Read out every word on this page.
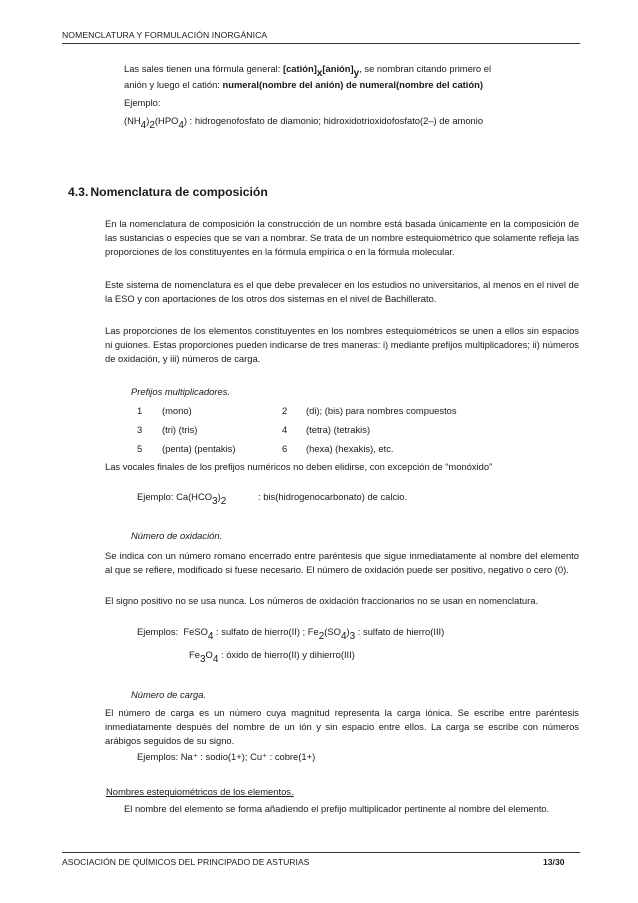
NOMENCLATURA Y FORMULACIÓN INORGÁNICA
Las sales tienen una fórmula general: $[catión]_x[anión]_y$, se nombran citando primero el
anión y luego el catión: numeral(nombre del anión) de numeral(nombre del catión)
Ejemplo:
$(NH_4)_2(HPO_4)$ : hidrogenofosfato de diamonio; hidroxidotrioxidofosfato(2–) de amonio
4.3. Nomenclatura de composición
En la nomenclatura de composición la construcción de un nombre está basada únicamente en la composición de las sustancias o especies que se van a nombrar. Se trata de un nombre estequiométrico que solamente refleja las proporciones de los constituyentes en la fórmula empírica o en la fórmula molecular.
Este sistema de nomenclatura es el que debe prevalecer en los estudios no universitarios, al menos en el nivel de la ESO y con aportaciones de los otros dos sistemas en el nivel de Bachillerato.
Las proporciones de los elementos constituyentes en los nombres estequiométricos se unen a ellos sin espacios ni guiones. Estas proporciones pueden indicarse de tres maneras: i) mediante prefijos multiplicadores; ii) números de oxidación, y iii) números de carga.
Prefijos multiplicadores.
1 (mono)	2 (di); (bis) para nombres compuestos
3 (tri) (tris)	4 (tetra) (tetrakis)
5 (penta) (pentakis)	6 (hexa) (hexakis), etc.
Las vocales finales de los prefijos numéricos no deben elidirse, con excepción de “monóxido”
Ejemplo: $Ca(HCO_3)_2$	: bis(hidrogenocarbonato) de calcio.
Número de oxidación.
Se indica con un número romano encerrado entre paréntesis que sigue inmediatamente al nombre del elemento al que se refiere, modificado si fuese necesario. El número de oxidación puede ser positivo, negativo o cero (0).
El signo positivo no se usa nunca. Los números de oxidación fraccionarios no se usan en nomenclatura.
Ejemplos: FeSO$_4$ : sulfato de hierro(II) ; $Fe_2(SO_4)_3$ : sulfato de hierro(III)
$Fe_3O_4$ : óxido de hierro(II) y dihierro(III)
Número de carga.
El número de carga es un número cuya magnitud representa la carga iónica. Se escribe entre paréntesis inmediatamente después del nombre de un ión y sin espacio entre ellos. La carga se escribe con números arábigos seguidos de su signo.
Ejemplos: Na⁺ : sodio(1+); Cu⁺ : cobre(1+)
Nombres estequiométricos de los elementos.
El nombre del elemento se forma añadiendo el prefijo multiplicador pertinente al nombre del elemento.
ASOCIACIÓN DE QUÍMICOS DEL PRINCIPADO DE ASTURIAS	13/30
